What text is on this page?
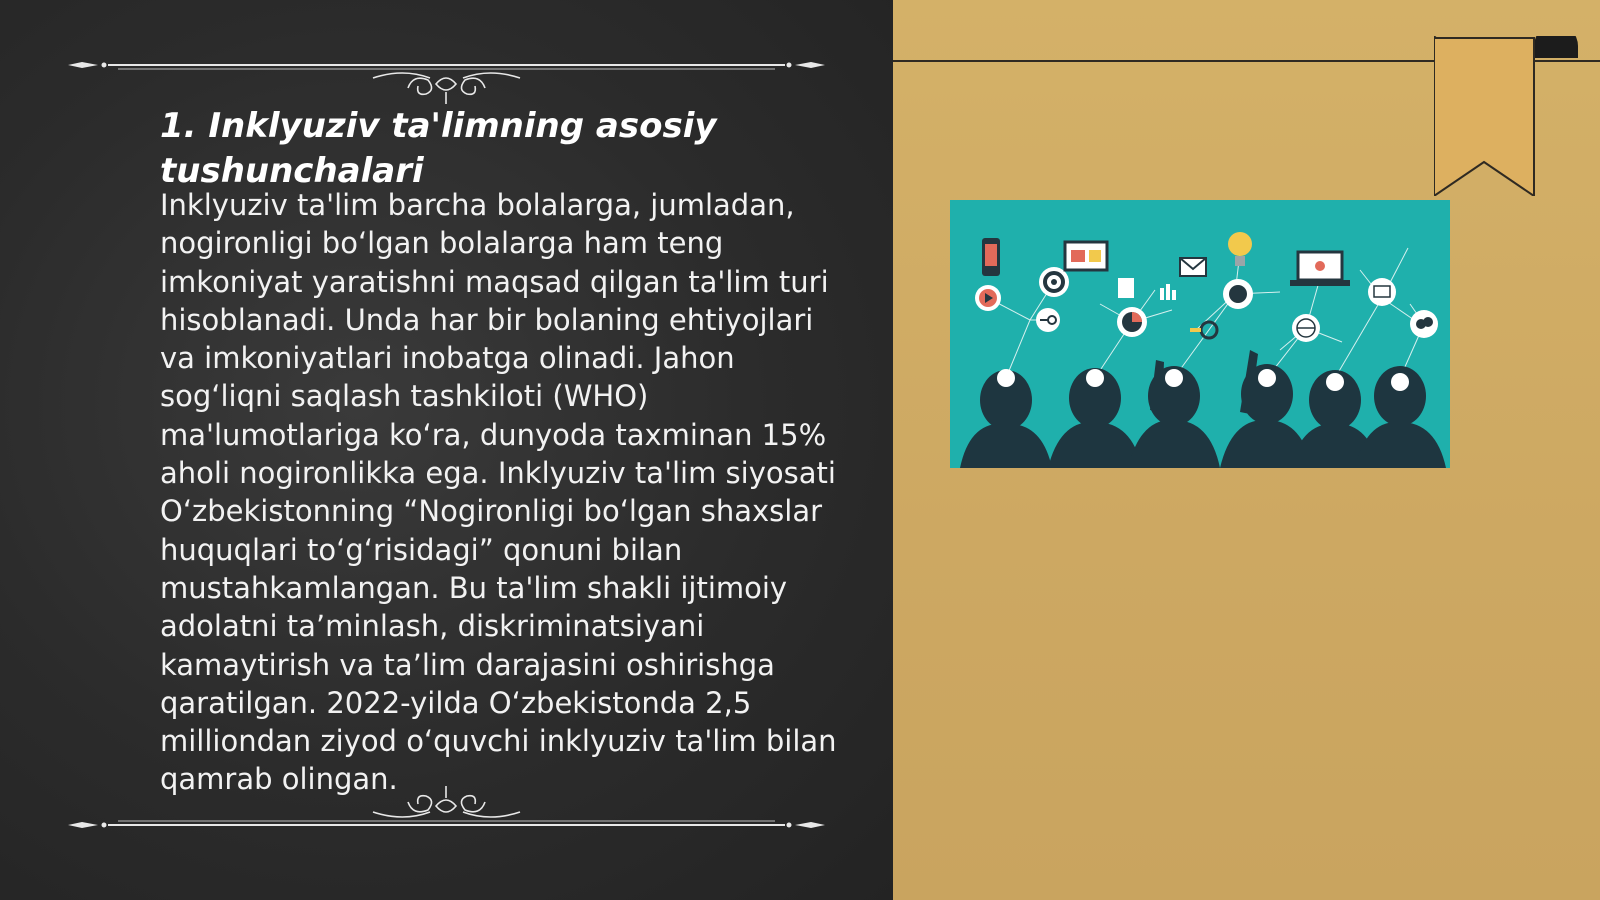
1. Inklyuziv ta'limning asosiy tushunchalari

Inklyuziv ta'lim barcha bolalarga, jumladan, nogironligi bo‘lgan bolalarga ham teng imkoniyat yaratishni maqsad qilgan ta'lim turi hisoblanadi. Unda har bir bolaning ehtiyojlari va imkoniyatlari inobatga olinadi. Jahon sog‘liqni saqlash tashkiloti (WHO) ma'lumotlariga ko‘ra, dunyoda taxminan 15% aholi nogironlikka ega. Inklyuziv ta'lim siyosati O‘zbekistonning “Nogironligi bo‘lgan shaxslar huquqlari to‘g‘risidagi” qonuni bilan mustahkamlangan. Bu ta'lim shakli ijtimoiy adolatni ta’minlash, diskriminatsiyani kamaytirish va ta’lim darajasini oshirishga qaratilgan. 2022-yilda O‘zbekistonda 2,5 milliondan ziyod o‘quvchi inklyuziv ta'lim bilan qamrab olingan.
